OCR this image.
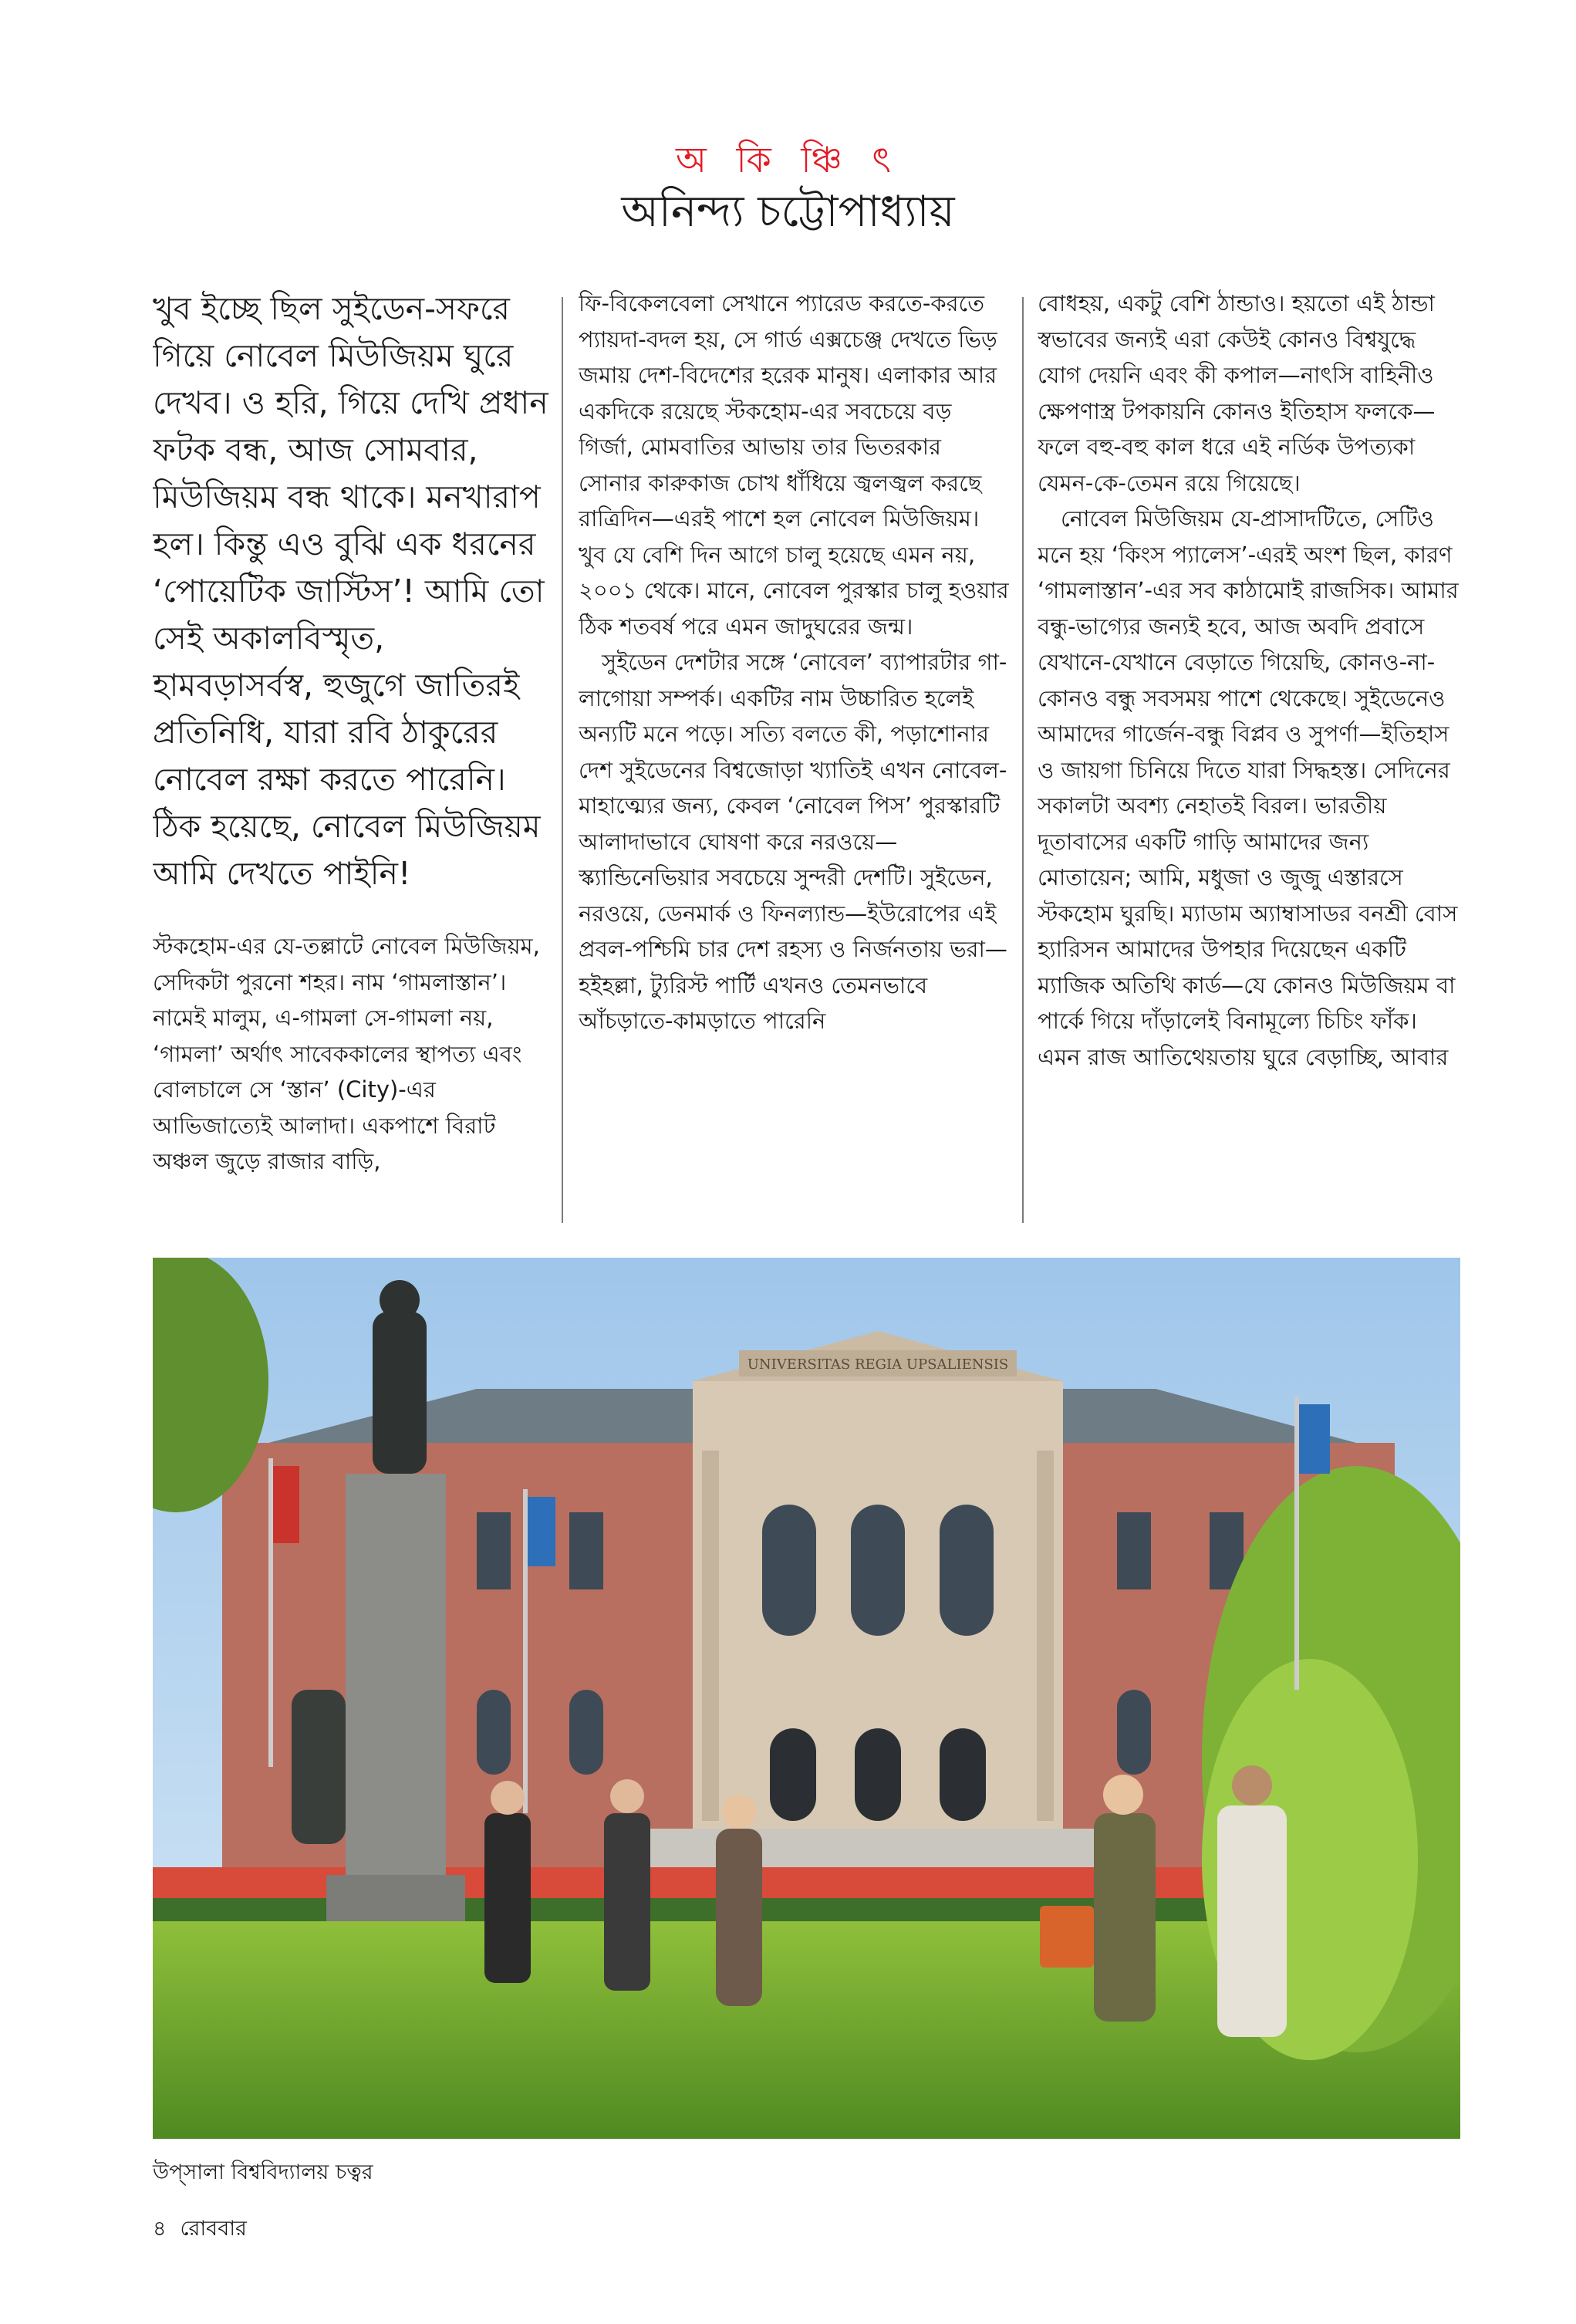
অ কি ঞ্চি ৎ

অনিন্দ্য চট্টোপাধ্যায়

খুব ইচ্ছে ছিল সুইডেন-সফরে গিয়ে নোবেল মিউজিয়ম ঘুরে দেখব। ও হরি, গিয়ে দেখি প্রধান ফটক বন্ধ, আজ সোমবার, মিউজিয়ম বন্ধ থাকে। মনখারাপ হল। কিন্তু এও বুঝি এক ধরনের ‘পোয়েটিক জাস্টিস’! আমি তো সেই অকালবিস্মৃত, হামবড়াসর্বস্ব, হুজুগে জাতিরই প্রতিনিধি, যারা রবি ঠাকুরের নোবেল রক্ষা করতে পারেনি। ঠিক হয়েছে, নোবেল মিউজিয়ম আমি দেখতে পাইনি!

স্টকহোম-এর যে-তল্লাটে নোবেল মিউজিয়ম, সেদিকটা পুরনো শহর। নাম ‘গামলাস্তান’। নামেই মালুম, এ-গামলা সে-গামলা নয়, ‘গামলা’ অর্থাৎ সাবেককালের স্থাপত্য এবং বোলচালে সে ‘স্তান’ (City)-এর আভিজাত্যেই আলাদা। একপাশে বিরাট অঞ্চল জুড়ে রাজার বাড়ি,

ফি-বিকেলবেলা সেখানে প্যারেড করতে-করতে প্যায়দা-বদল হয়, সে গার্ড এক্সচেঞ্জ দেখতে ভিড় জমায় দেশ-বিদেশের হরেক মানুষ। এলাকার আর একদিকে রয়েছে স্টকহোম-এর সবচেয়ে বড় গির্জা, মোমবাতির আভায় তার ভিতরকার সোনার কারুকাজ চোখ ধাঁধিয়ে জ্বলজ্বল করছে রাত্রিদিন—এরই পাশে হল নোবেল মিউজিয়ম। খুব যে বেশি দিন আগে চালু হয়েছে এমন নয়, ২০০১ থেকে। মানে, নোবেল পুরস্কার চালু হওয়ার ঠিক শতবর্ষ পরে এমন জাদুঘরের জন্ম।

সুইডেন দেশটার সঙ্গে ‘নোবেল’ ব্যাপারটার গা-লাগোয়া সম্পর্ক। একটির নাম উচ্চারিত হলেই অন্যটি মনে পড়ে। সত্যি বলতে কী, পড়াশোনার দেশ সুইডেনের বিশ্বজোড়া খ্যাতিই এখন নোবেল-মাহাত্ম্যের জন্য, কেবল ‘নোবেল পিস’ পুরস্কারটি আলাদাভাবে ঘোষণা করে নরওয়ে—স্ক্যান্ডিনেভিয়ার সবচেয়ে সুন্দরী দেশটি। সুইডেন, নরওয়ে, ডেনমার্ক ও ফিনল্যান্ড—ইউরোপের এই প্রবল-পশ্চিমি চার দেশ রহস্য ও নির্জনতায় ভরা—হইহল্লা, ট্যুরিস্ট পার্টি এখনও তেমনভাবে আঁচড়াতে-কামড়াতে পারেনি

বোধহয়, একটু বেশি ঠান্ডাও। হয়তো এই ঠান্ডা স্বভাবের জন্যই এরা কেউই কোনও বিশ্বযুদ্ধে যোগ দেয়নি এবং কী কপাল—নাৎসি বাহিনীও ক্ষেপণাস্ত্র টপকায়নি কোনও ইতিহাস ফলকে—ফলে বহু-বহু কাল ধরে এই নর্ডিক উপত্যকা যেমন-কে-তেমন রয়ে গিয়েছে।

নোবেল মিউজিয়ম যে-প্রাসাদটিতে, সেটিও মনে হয় ‘কিংস প্যালেস’-এরই অংশ ছিল, কারণ ‘গামলাস্তান’-এর সব কাঠামোই রাজসিক। আমার বন্ধু-ভাগ্যের জন্যই হবে, আজ অবদি প্রবাসে যেখানে-যেখানে বেড়াতে গিয়েছি, কোনও-না-কোনও বন্ধু সবসময় পাশে থেকেছে। সুইডেনেও আমাদের গার্জেন-বন্ধু বিপ্লব ও সুপর্ণা—ইতিহাস ও জায়গা চিনিয়ে দিতে যারা সিদ্ধহস্ত। সেদিনের সকালটা অবশ্য নেহাতই বিরল। ভারতীয় দূতাবাসের একটি গাড়ি আমাদের জন্য মোতায়েন; আমি, মধুজা ও জুজু এস্তারসে স্টকহোম ঘুরছি। ম্যাডাম অ্যাম্বাসাডর বনশ্রী বোস হ্যারিসন আমাদের উপহার দিয়েছেন একটি ম্যাজিক অতিথি কার্ড—যে কোনও মিউজিয়ম বা পার্কে গিয়ে দাঁড়ালেই বিনামূল্যে চিচিং ফাঁক। এমন রাজ আতিথেয়তায় ঘুরে বেড়াচ্ছি, আবার

UNIVERSITAS REGIA UPSALIENSIS
উপ্‌সালা বিশ্ববিদ্যালয় চত্বর
৪ রোববার
